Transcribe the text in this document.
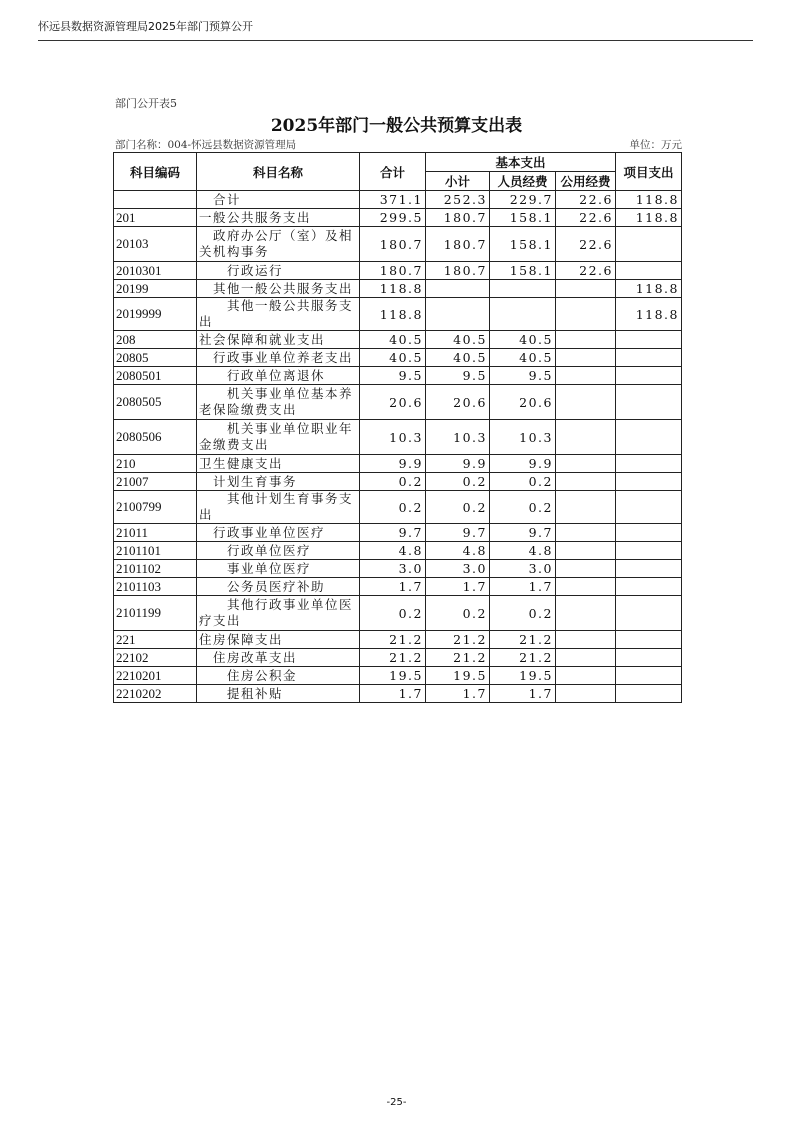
怀远县数据资源管理局2025年部门预算公开
部门公开表5
2025年部门一般公共预算支出表
部门名称：004-怀远县数据资源管理局	单位：万元
科目编码	科目名称	合计	基本支出			项目支出
			小计	人员经费	公用经费	
	合计	371.1	252.3	229.7	22.6	118.8
201	一般公共服务支出	299.5	180.7	158.1	22.6	118.8
20103	政府办公厅（室）及相关机构事务	180.7	180.7	158.1	22.6	
2010301	行政运行	180.7	180.7	158.1	22.6	
20199	其他一般公共服务支出	118.8				118.8
2019999	其他一般公共服务支出	118.8				118.8
208	社会保障和就业支出	40.5	40.5	40.5		
20805	行政事业单位养老支出	40.5	40.5	40.5		
2080501	行政单位离退休	9.5	9.5	9.5		
2080505	机关事业单位基本养老保险缴费支出	20.6	20.6	20.6		
2080506	机关事业单位职业年金缴费支出	10.3	10.3	10.3		
210	卫生健康支出	9.9	9.9	9.9		
21007	计划生育事务	0.2	0.2	0.2		
2100799	其他计划生育事务支出	0.2	0.2	0.2		
21011	行政事业单位医疗	9.7	9.7	9.7		
2101101	行政单位医疗	4.8	4.8	4.8		
2101102	事业单位医疗	3.0	3.0	3.0		
2101103	公务员医疗补助	1.7	1.7	1.7		
2101199	其他行政事业单位医疗支出	0.2	0.2	0.2		
221	住房保障支出	21.2	21.2	21.2		
22102	住房改革支出	21.2	21.2	21.2		
2210201	住房公积金	19.5	19.5	19.5		
2210202	提租补贴	1.7	1.7	1.7		
-25-
